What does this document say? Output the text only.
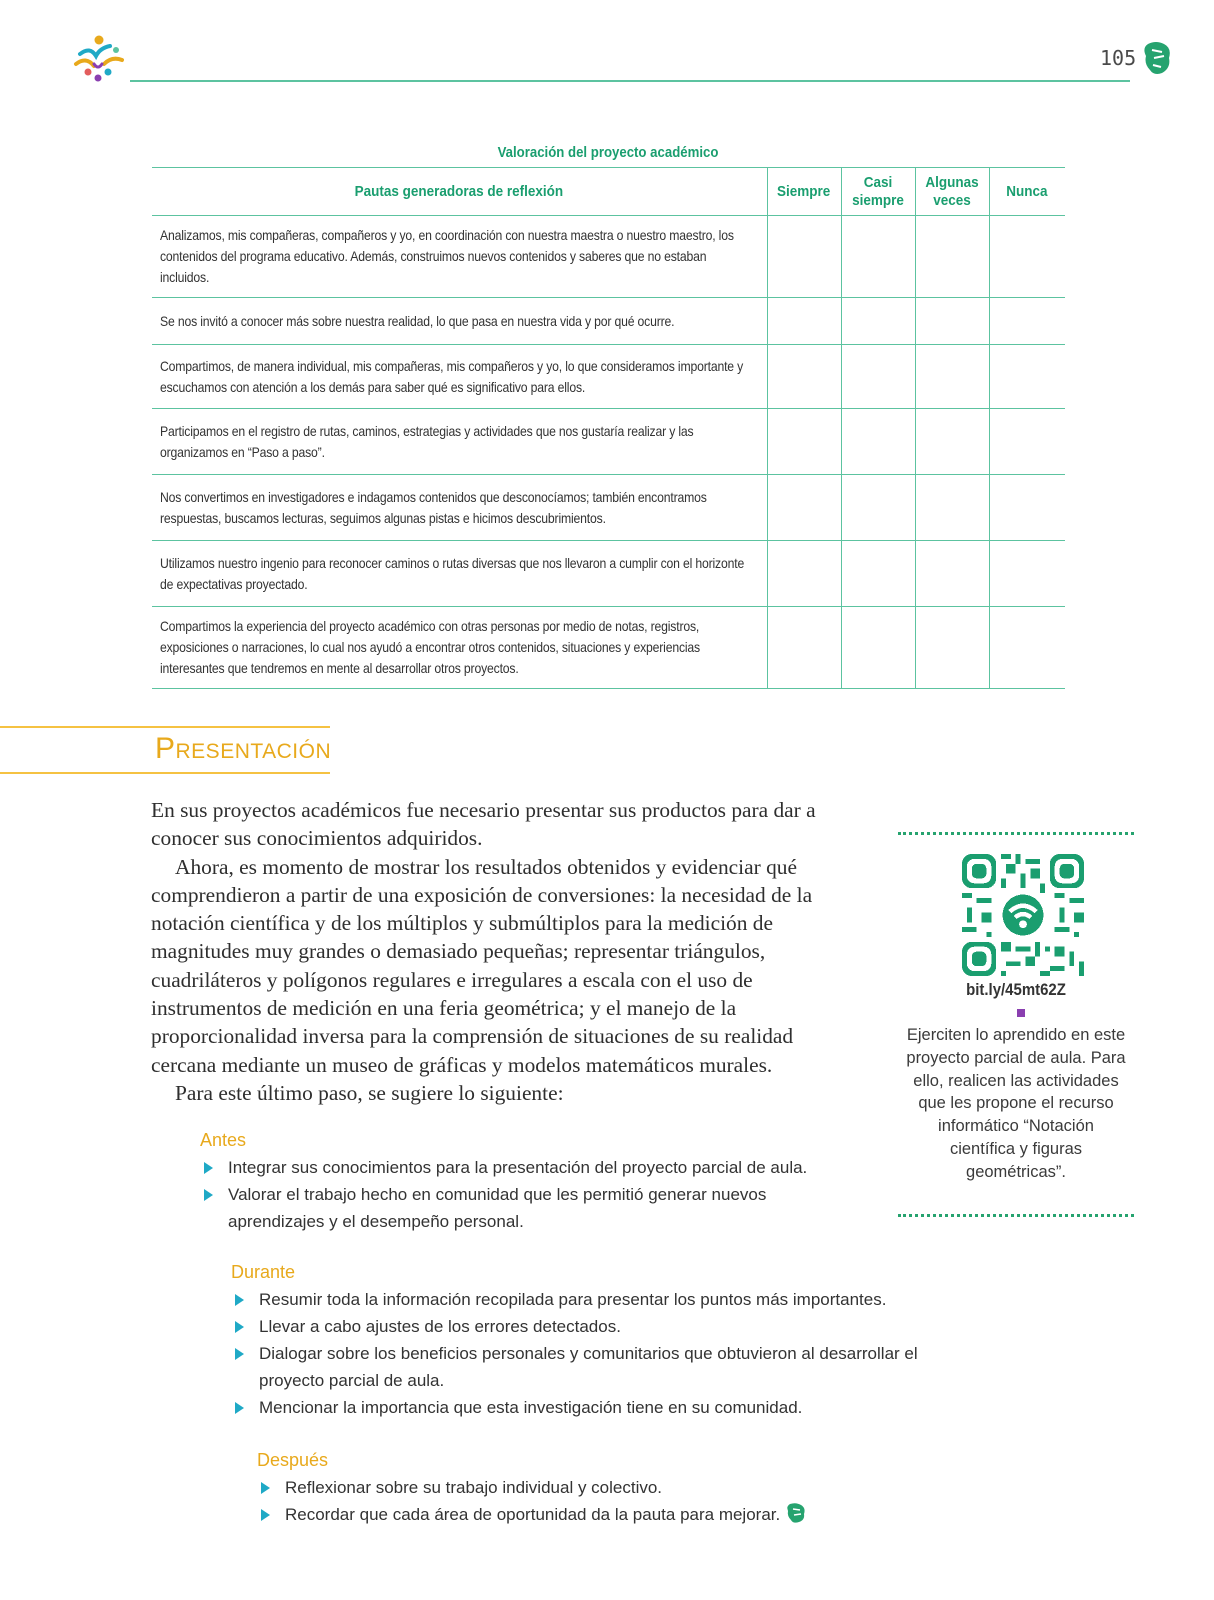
105
Valoración del proyecto académico
Pautas generadoras de reflexión	Siempre	Casi siempre	Algunas veces	Nunca
Analizamos, mis compañeras, compañeros y yo, en coordinación con nuestra maestra o nuestro maestro, los contenidos del programa educativo. Además, construimos nuevos contenidos y saberes que no estaban incluidos.				
Se nos invitó a conocer más sobre nuestra realidad, lo que pasa en nuestra vida y por qué ocurre.				
Compartimos, de manera individual, mis compañeras, mis compañeros y yo, lo que consideramos importante y escuchamos con atención a los demás para saber qué es significativo para ellos.				
Participamos en el registro de rutas, caminos, estrategias y actividades que nos gustaría realizar y las organizamos en “Paso a paso”.				
Nos convertimos en investigadores e indagamos contenidos que desconocíamos; también encontramos respuestas, buscamos lecturas, seguimos algunas pistas e hicimos descubrimientos.				
Utilizamos nuestro ingenio para reconocer caminos o rutas diversas que nos llevaron a cumplir con el horizonte de expectativas proyectado.				
Compartimos la experiencia del proyecto académico con otras personas por medio de notas, registros, exposiciones o narraciones, lo cual nos ayudó a encontrar otros contenidos, situaciones y experiencias interesantes que tendremos en mente al desarrollar otros proyectos.				
Presentación

En sus proyectos académicos fue necesario presentar sus productos para dar a conocer sus conocimientos adquiridos.

Ahora, es momento de mostrar los resultados obtenidos y evidenciar qué comprendieron a partir de una exposición de conversiones: la necesidad de la notación científica y de los múltiplos y submúltiplos para la medición de magnitudes muy grandes o demasiado pequeñas; representar triángulos, cuadriláteros y polígonos regulares e irregulares a escala con el uso de instrumentos de medición en una feria geométrica; y el manejo de la proporcionalidad inversa para la comprensión de situaciones de su realidad cercana mediante un museo de gráficas y modelos matemáticos murales.

Para este último paso, se sugiere lo siguiente:

Antes
Integrar sus conocimientos para la presentación del proyecto parcial de aula.
Valorar el trabajo hecho en comunidad que les permitió generar nuevos aprendizajes y el desempeño personal.
Durante
Resumir toda la información recopilada para presentar los puntos más importantes.
Llevar a cabo ajustes de los errores detectados.
Dialogar sobre los beneficios personales y comunitarios que obtuvieron al desarrollar el proyecto parcial de aula.
Mencionar la importancia que esta investigación tiene en su comunidad.
Después
Reflexionar sobre su trabajo individual y colectivo.
Recordar que cada área de oportunidad da la pauta para mejorar.
bit.ly/45mt62Z
Ejerciten lo aprendido en este proyecto parcial de aula. Para ello, realicen las actividades que les propone el recurso informático “Notación científica y figuras geométricas”.
